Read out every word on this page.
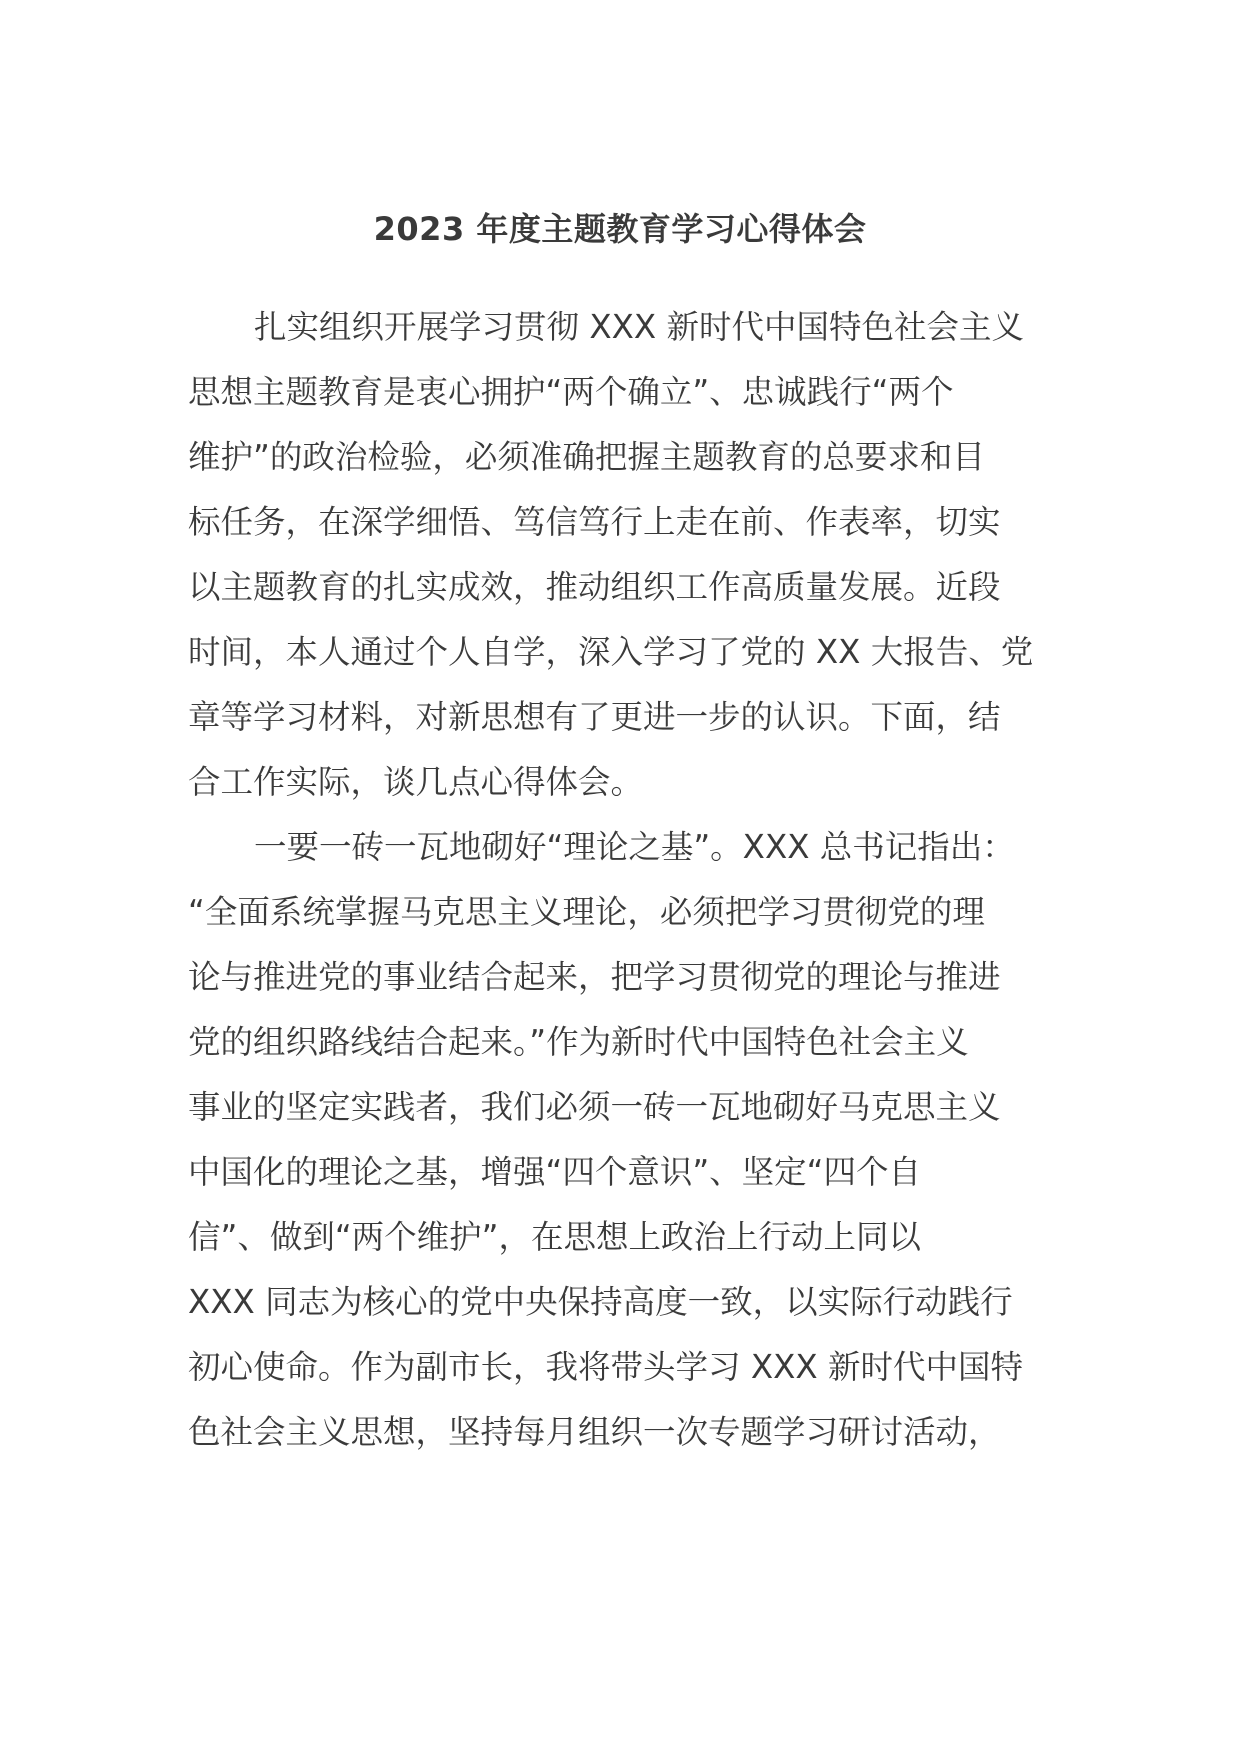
2023 年度主题教育学习心得体会
扎实组织开展学习贯彻 XXX 新时代中国特色社会主义
思想主题教育是衷心拥护“两个确立”、忠诚践行“两个
维护”的政治检验，必须准确把握主题教育的总要求和目
标任务，在深学细悟、笃信笃行上走在前、作表率，切实
以主题教育的扎实成效，推动组织工作高质量发展。近段
时间，本人通过个人自学，深入学习了党的 XX 大报告、党
章等学习材料，对新思想有了更进一步的认识。下面，结
合工作实际，谈几点心得体会。
一要一砖一瓦地砌好“理论之基”。XXX 总书记指出：
“全面系统掌握马克思主义理论，必须把学习贯彻党的理
论与推进党的事业结合起来，把学习贯彻党的理论与推进
党的组织路线结合起来。”作为新时代中国特色社会主义
事业的坚定实践者，我们必须一砖一瓦地砌好马克思主义
中国化的理论之基，增强“四个意识”、坚定“四个自
信”、做到“两个维护”，在思想上政治上行动上同以
XXX 同志为核心的党中央保持高度一致，以实际行动践行
初心使命。作为副市长，我将带头学习 XXX 新时代中国特
色社会主义思想，坚持每月组织一次专题学习研讨活动，
